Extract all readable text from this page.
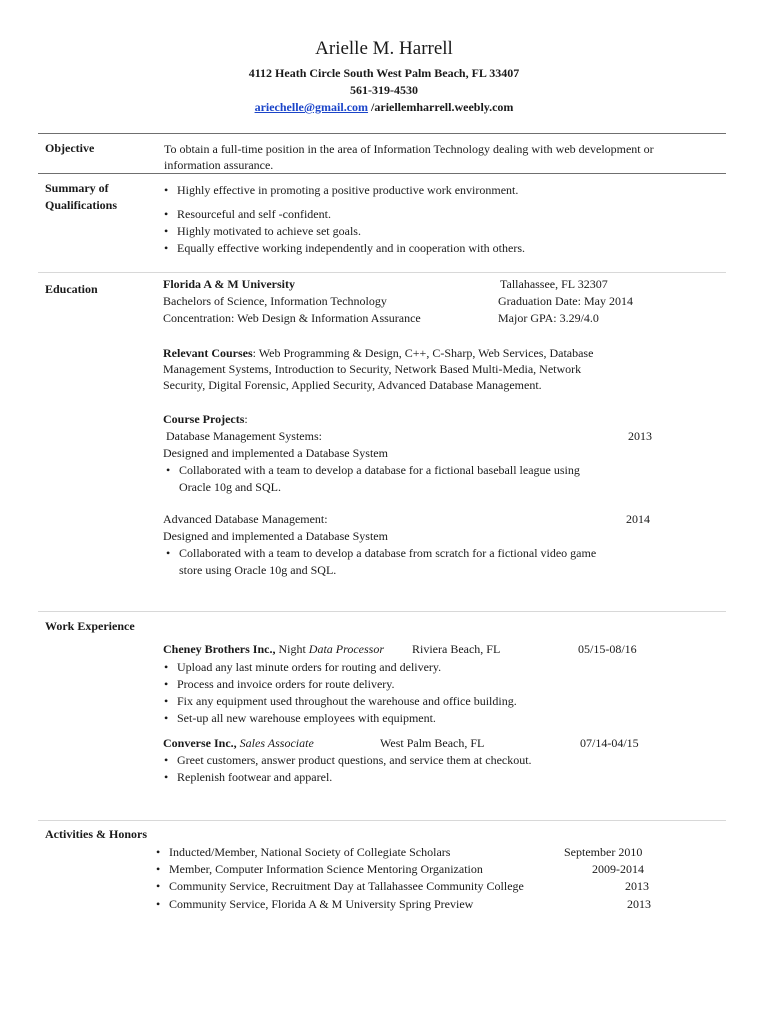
Arielle M. Harrell
4112 Heath Circle South West Palm Beach, FL 33407
561-319-4530
ariechelle@gmail.com /ariellemharrell.weebly.com
Objective	To obtain a full-time position in the area of Information Technology dealing with web development or
information assurance.
Summary of
Qualifications
• Highly effective in promoting a positive productive work environment.
• Resourceful and self -confident.
• Highly motivated to achieve set goals.
• Equally effective working independently and in cooperation with others.
Education	Florida A & M University	Tallahassee, FL 32307
Bachelors of Science, Information Technology	Graduation Date: May 2014
Concentration: Web Design & Information Assurance	Major GPA: 3.29/4.0
Relevant Courses: Web Programming & Design, C++, C-Sharp, Web Services, Database
Management Systems, Introduction to Security, Network Based Multi-Media, Network
Security, Digital Forensic, Applied Security, Advanced Database Management.
Course Projects:
Database Management Systems:	2013
Designed and implemented a Database System
• Collaborated with a team to develop a database for a fictional baseball league using
Oracle 10g and SQL.
Advanced Database Management:	2014
Designed and implemented a Database System
• Collaborated with a team to develop a database from scratch for a fictional video game
store using Oracle 10g and SQL.
Work Experience
Cheney Brothers Inc., Night Data Processor Riviera Beach, FL	05/15-08/16
• Upload any last minute orders for routing and delivery.
• Process and invoice orders for route delivery.
• Fix any equipment used throughout the warehouse and office building.
• Set-up all new warehouse employees with equipment.
Converse Inc., Sales Associate	West Palm Beach, FL	07/14-04/15
• Greet customers, answer product questions, and service them at checkout.
• Replenish footwear and apparel.
Activities & Honors
• Inducted/Member, National Society of Collegiate Scholars	September 2010
• Member, Computer Information Science Mentoring Organization	2009-2014
• Community Service, Recruitment Day at Tallahassee Community College	2013
• Community Service, Florida A & M University Spring Preview	2013
